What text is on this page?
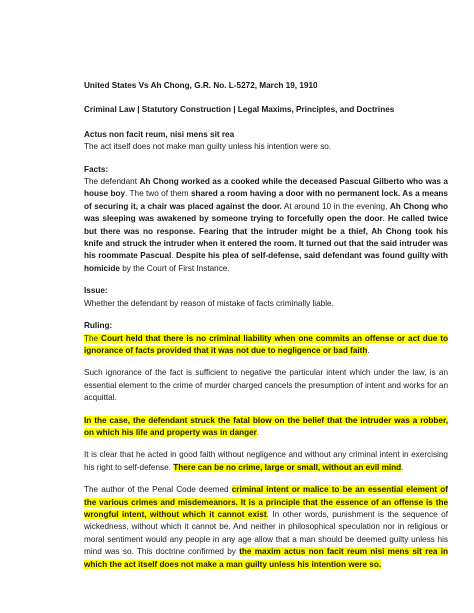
United States Vs Ah Chong, G.R. No. L-5272, March 19, 1910

Criminal Law | Statutory Construction | Legal Maxims, Principles, and Doctrines

Actus non facit reum, nisi mens sit rea

The act itself does not make man guilty unless his intention were so.

Facts:

The defendant Ah Chong worked as a cooked while the deceased Pascual Gilberto who was a house boy. The two of them shared a room having a door with no permanent lock. As a means of securing it, a chair was placed against the door. At around 10 in the evening, Ah Chong who was sleeping was awakened by someone trying to forcefully open the door. He called twice but there was no response. Fearing that the intruder might be a thief, Ah Chong took his knife and struck the intruder when it entered the room. It turned out that the said intruder was his roommate Pascual. Despite his plea of self-defense, said defendant was found guilty with homicide by the Court of First Instance.

Issue:

Whether the defendant by reason of mistake of facts criminally liable.

Ruling:

The Court held that there is no criminal liability when one commits an offense or act due to ignorance of facts provided that it was not due to negligence or bad faith.

Such ignorance of the fact is sufficient to negative the particular intent which under the law, is an essential element to the crime of murder charged cancels the presumption of intent and works for an acquittal.

In the case, the defendant struck the fatal blow on the belief that the intruder was a robber, on which his life and property was in danger.

It is clear that he acted in good faith without negligence and without any criminal intent in exercising his right to self-defense. There can be no crime, large or small, without an evil mind.

The author of the Penal Code deemed criminal intent or malice to be an essential element of the various crimes and misdemeanors. It is a principle that the essence of an offense is the wrongful intent, without which it cannot exist. In other words, punishment is the sequence of wickedness, without which it cannot be. And neither in philosophical speculation nor in religious or moral sentiment would any people in any age allow that a man should be deemed guilty unless his mind was so. This doctrine confirmed by the maxim actus non facit reum nisi mens sit rea in which the act itself does not make a man guilty unless his intention were so.
